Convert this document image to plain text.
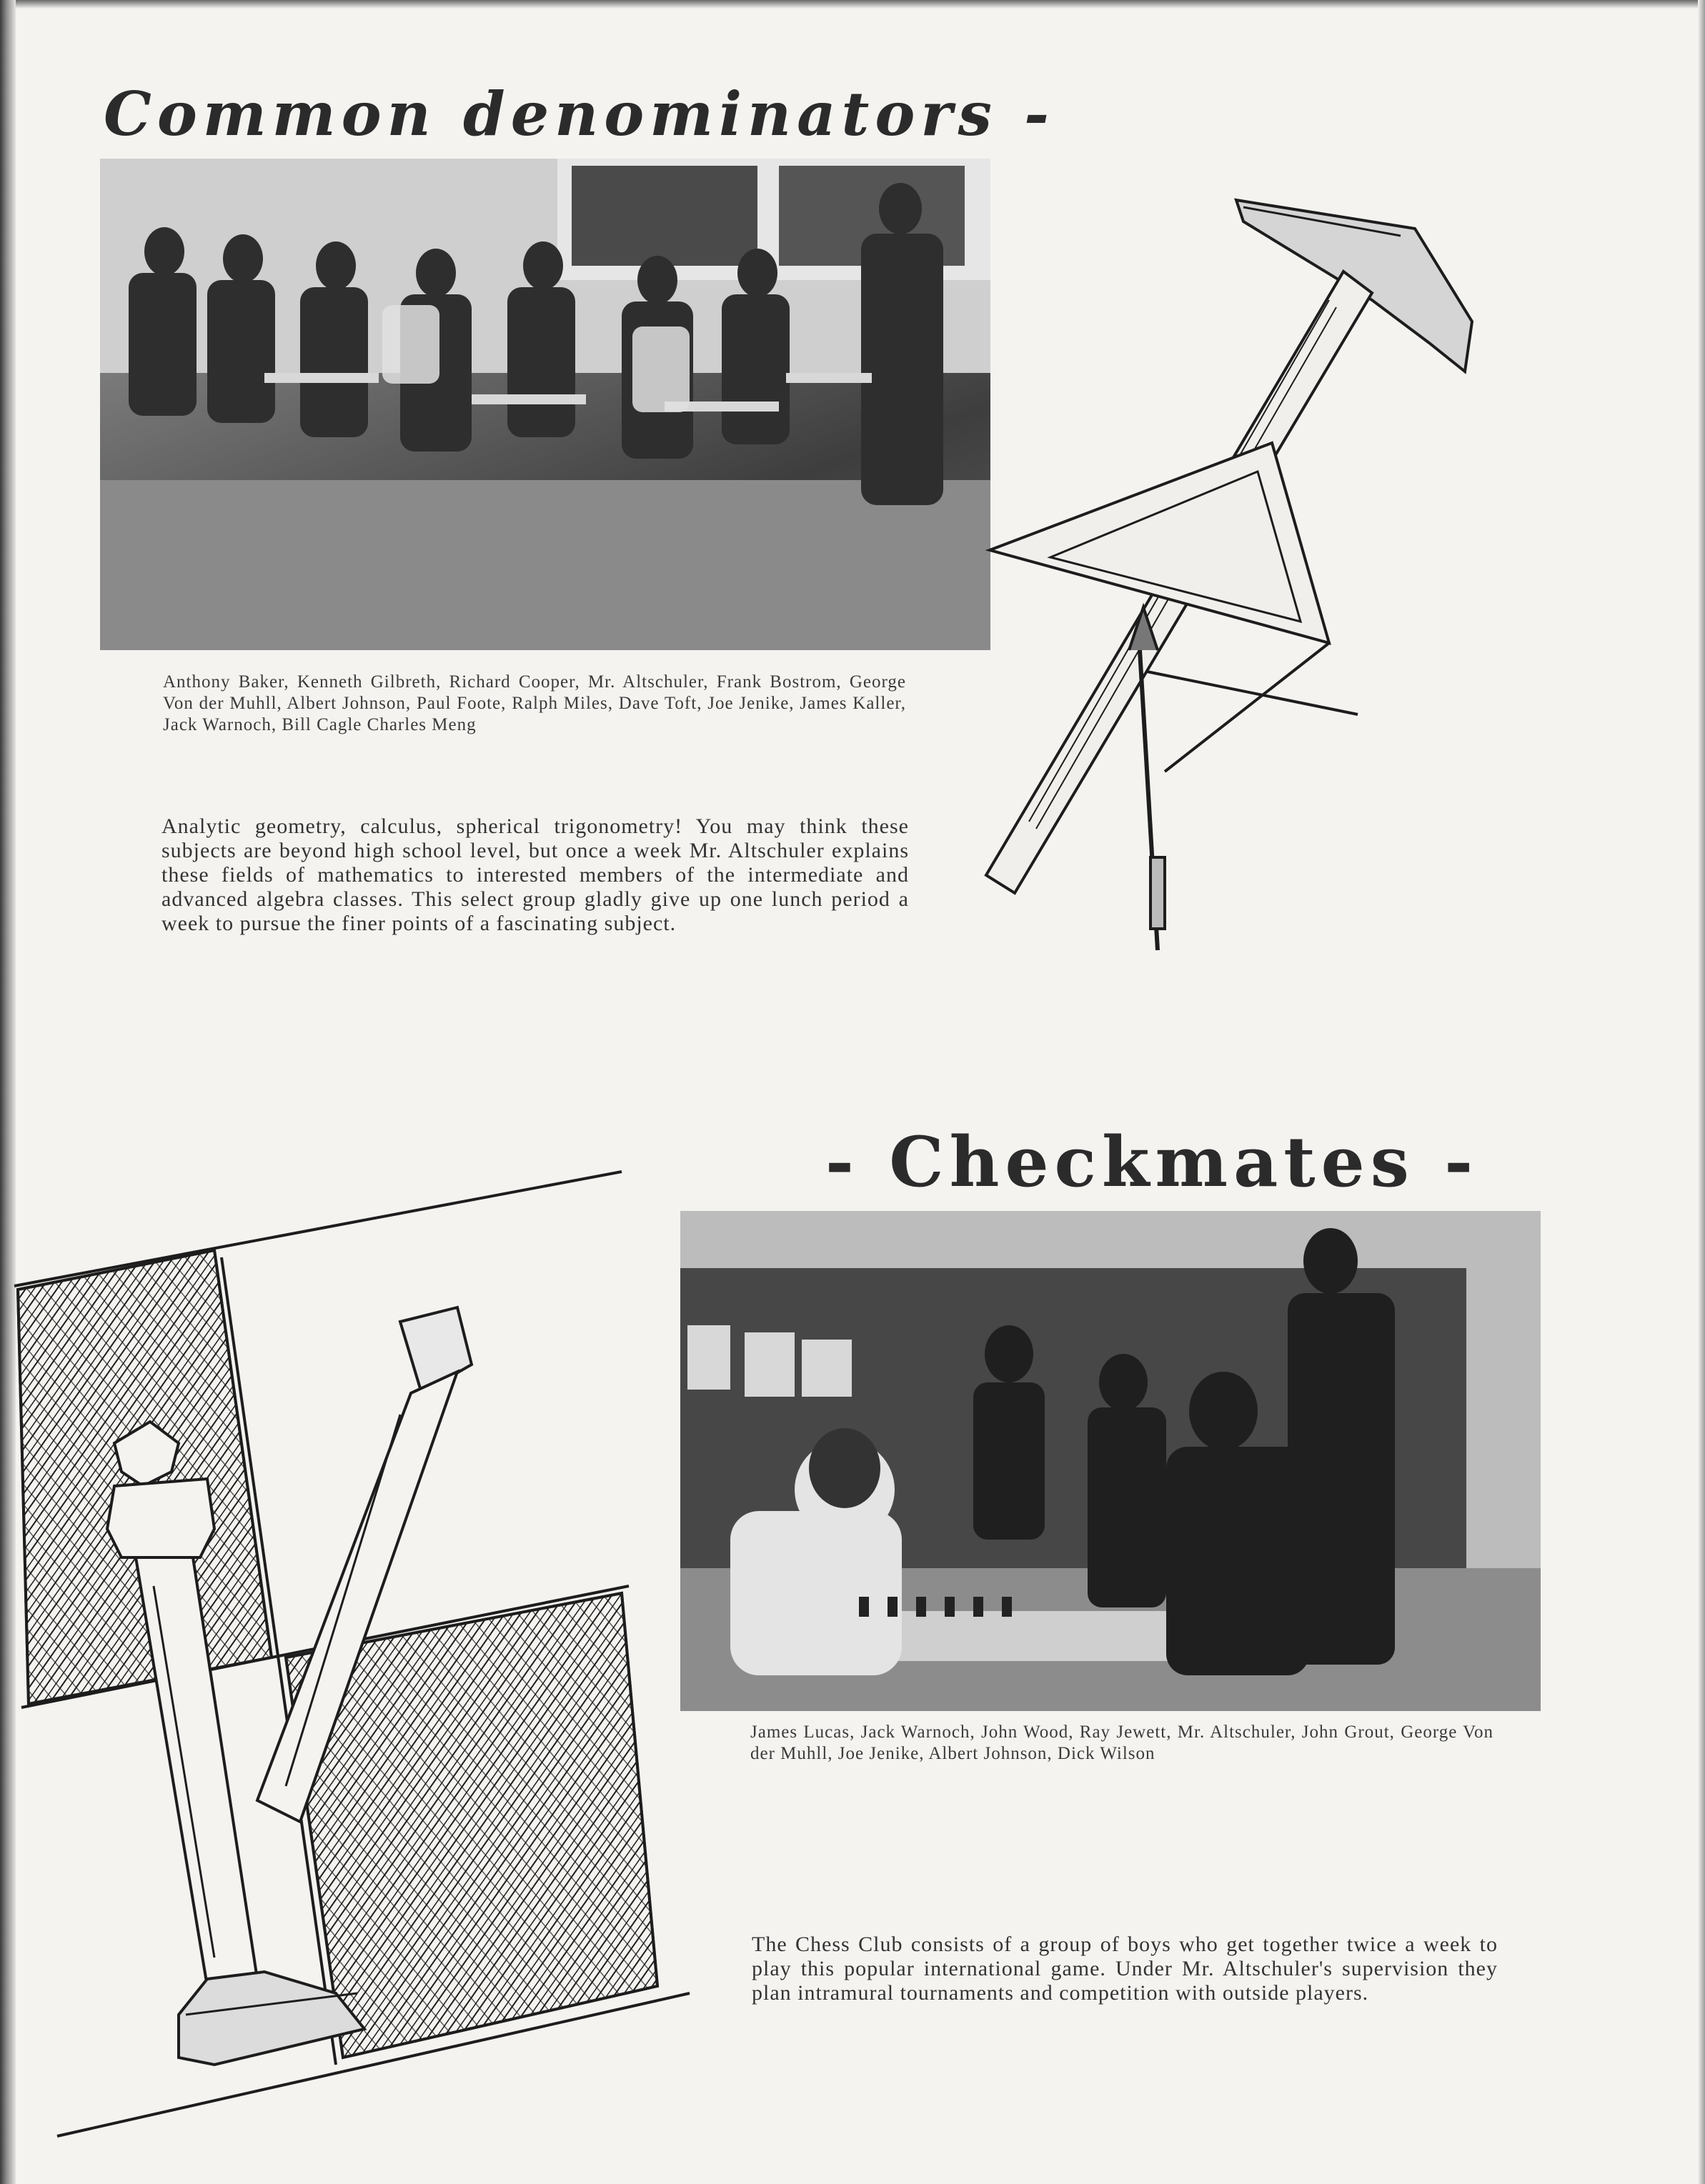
Common denominators -

Anthony Baker, Kenneth Gilbreth, Richard Cooper, Mr. Altschuler, Frank Bostrom, George Von der Muhll, Albert Johnson, Paul Foote, Ralph Miles, Dave Toft, Joe Jenike, James Kaller, Jack Warnoch, Bill Cagle Charles Meng

Analytic geometry, calculus, spherical trigonometry! You may think these subjects are beyond high school level, but once a week Mr. Altschuler explains these fields of mathematics to interested members of the intermediate and advanced algebra classes. This select group gladly give up one lunch period a week to pursue the finer points of a fascinating subject.

- Checkmates -

James Lucas, Jack Warnoch, John Wood, Ray Jewett, Mr. Altschuler, John Grout, George Von der Muhll, Joe Jenike, Albert Johnson, Dick Wilson

The Chess Club consists of a group of boys who get together twice a week to play this popular international game. Under Mr. Altschuler's supervision they plan intramural tournaments and competition with outside players.
